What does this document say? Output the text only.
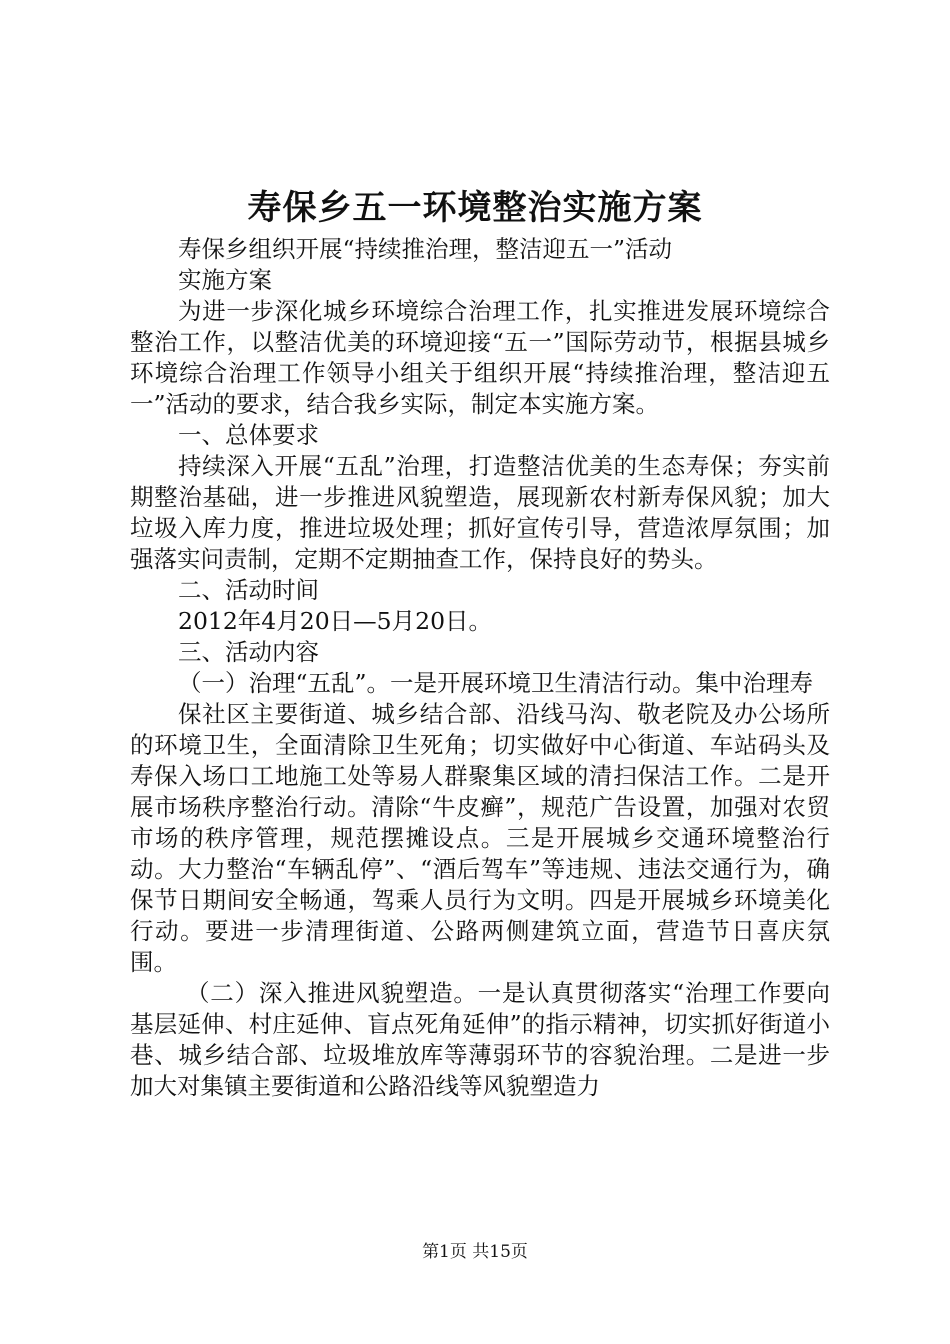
寿保乡五一环境整治实施方案

寿保乡组织开展“持续推治理，整洁迎五一”活动

实施方案

为进一步深化城乡环境综合治理工作，扎实推进发展环境综合整治工作，以整洁优美的环境迎接“五一”国际劳动节，根据县城乡环境综合治理工作领导小组关于组织开展“持续推治理，整洁迎五一”活动的要求，结合我乡实际，制定本实施方案。

一、总体要求

持续深入开展“五乱”治理，打造整洁优美的生态寿保；夯实前期整治基础，进一步推进风貌塑造，展现新农村新寿保风貌；加大垃圾入库力度，推进垃圾处理；抓好宣传引导，营造浓厚氛围；加强落实问责制，定期不定期抽查工作，保持良好的势头。

二、活动时间

2012年4月20日—5月20日。

三、活动内容

（一）治理“五乱”。一是开展环境卫生清洁行动。集中治理寿

保社区主要街道、城乡结合部、沿线马沟、敬老院及办公场所的环境卫生，全面清除卫生死角；切实做好中心街道、车站码头及寿保入场口工地施工处等易人群聚集区域的清扫保洁工作。二是开展市场秩序整治行动。清除“牛皮癣”，规范广告设置，加强对农贸市场的秩序管理，规范摆摊设点。三是开展城乡交通环境整治行动。大力整治“车辆乱停”、“酒后驾车”等违规、违法交通行为，确保节日期间安全畅通，驾乘人员行为文明。四是开展城乡环境美化行动。要进一步清理街道、公路两侧建筑立面，营造节日喜庆氛围。

（二）深入推进风貌塑造。一是认真贯彻落实“治理工作要向基层延伸、村庄延伸、盲点死角延伸”的指示精神，切实抓好街道小巷、城乡结合部、垃圾堆放库等薄弱环节的容貌治理。二是进一步加大对集镇主要街道和公路沿线等风貌塑造力

第1页 共15页
